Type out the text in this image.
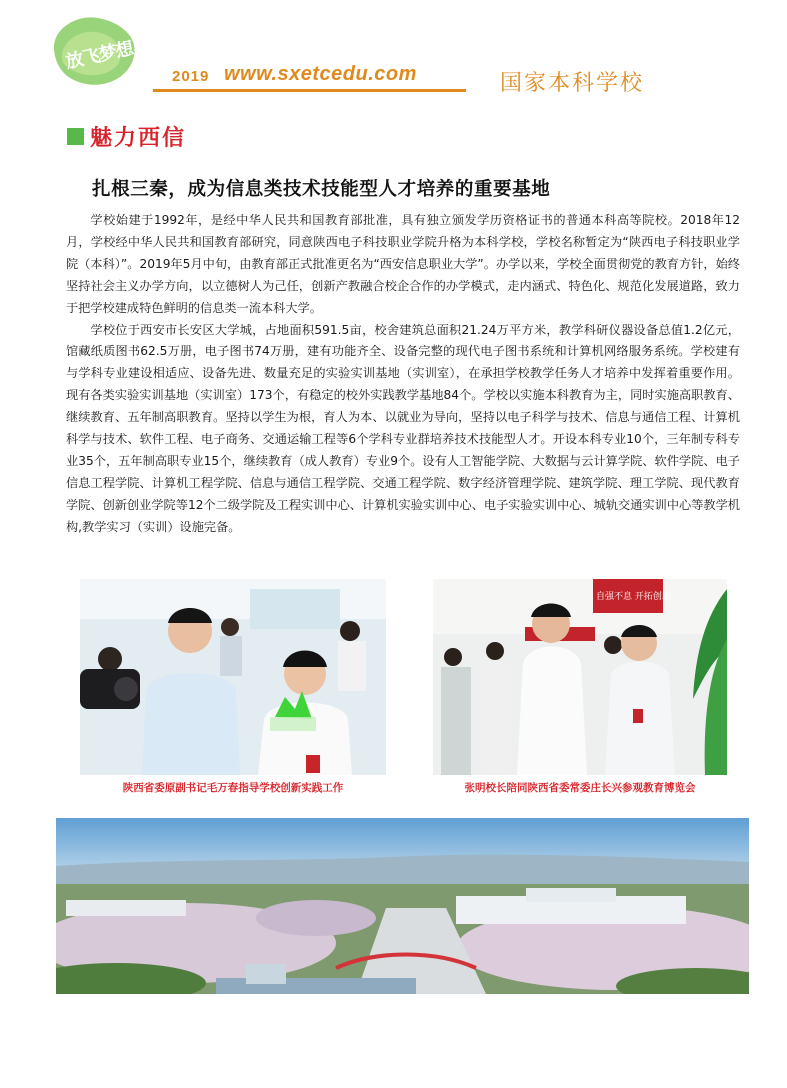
放飞梦想
2019 www.sxetcedu.com	国家本科学校
魅力西信
扎根三秦，成为信息类技术技能型人才培养的重要基地

学校始建于1992年，是经中华人民共和国教育部批准，具有独立颁发学历资格证书的普通本科高等院校。2018年12月，学校经中华人民共和国教育部研究，同意陕西电子科技职业学院升格为本科学校，学校名称暂定为“陕西电子科技职业学院（本科）”。2019年5月中旬，由教育部正式批准更名为“西安信息职业大学”。办学以来，学校全面贯彻党的教育方针，始终坚持社会主义办学方向，以立德树人为己任，创新产教融合校企合作的办学模式，走内涵式、特色化、规范化发展道路，致力于把学校建成特色鲜明的信息类一流本科大学。

学校位于西安市长安区大学城，占地面积591.5亩，校舍建筑总面积21.24万平方米，教学科研仪器设备总值1.2亿元，馆藏纸质图书62.5万册，电子图书74万册，建有功能齐全、设备完整的现代电子图书系统和计算机网络服务系统。学校建有与学科专业建设相适应、设备先进、数量充足的实验实训基地（实训室），在承担学校教学任务人才培养中发挥着重要作用。现有各类实验实训基地（实训室）173个，有稳定的校外实践教学基地84个。学校以实施本科教育为主，同时实施高职教育、继续教育、五年制高职教育。坚持以学生为根，育人为本、以就业为导向，坚持以电子科学与技术、信息与通信工程、计算机科学与技术、软件工程、电子商务、交通运输工程等6个学科专业群培养技术技能型人才。开设本科专业10个，三年制专科专业35个，五年制高职专业15个，继续教育（成人教育）专业9个。设有人工智能学院、大数据与云计算学院、软件学院、电子信息工程学院、计算机工程学院、信息与通信工程学院、交通工程学院、数字经济管理学院、建筑学院、理工学院、现代教育学院、创新创业学院等12个二级学院及工程实训中心、计算机实验实训中心、电子实验实训中心、城轨交通实训中心等教学机构,教学实习（实训）设施完备。

陕西省委原副书记毛万春指导学校创新实践工作
自强不息 开拓创新
张明校长陪同陕西省委常委庄长兴参观教育博览会
